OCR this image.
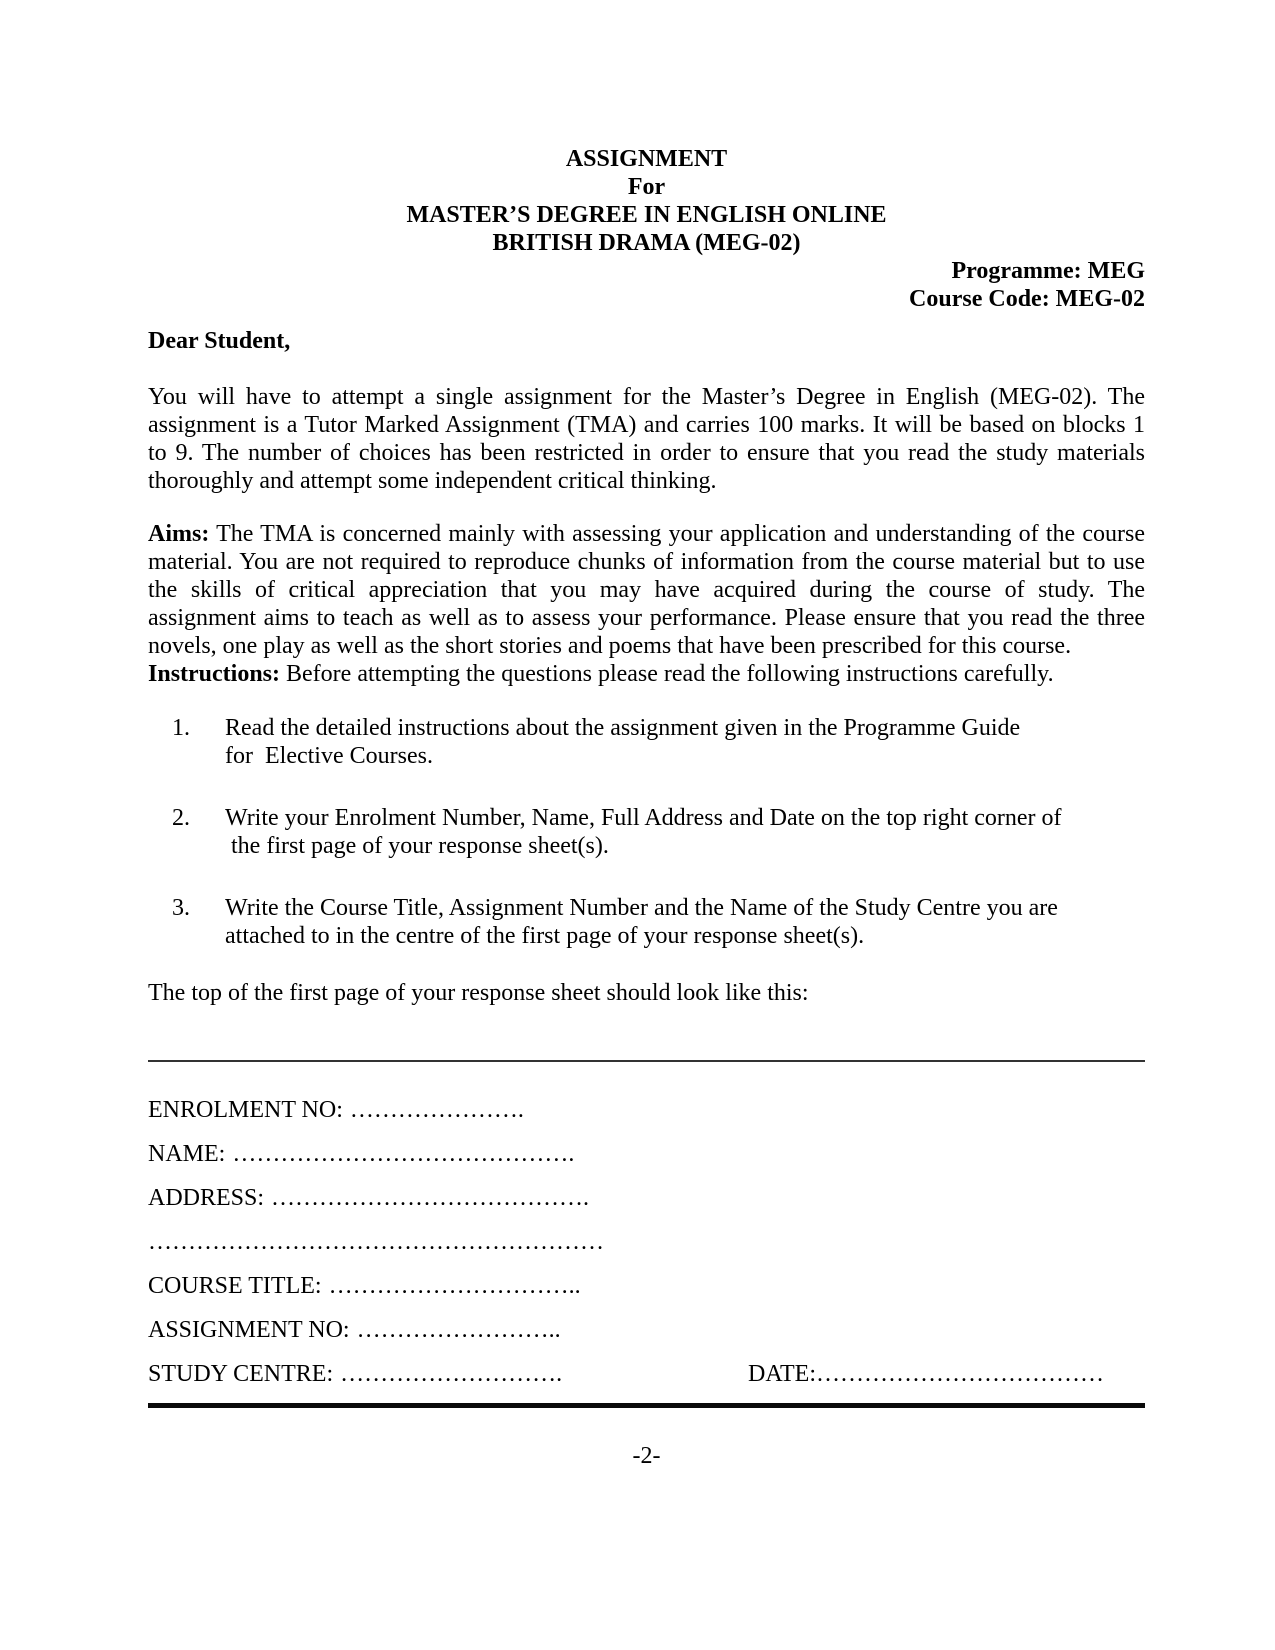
ASSIGNMENT
For
MASTER’S DEGREE IN ENGLISH ONLINE
BRITISH DRAMA (MEG-02)
Programme: MEG
Course Code: MEG-02
Dear Student,

You will have to attempt a single assignment for the Master’s Degree in English (MEG-02). The assignment is a Tutor Marked Assignment (TMA) and carries 100 marks. It will be based on blocks 1 to 9. The number of choices has been restricted in order to ensure that you read the study materials thoroughly and attempt some independent critical thinking.

Aims: The TMA is concerned mainly with assessing your application and understanding of the course material. You are not required to reproduce chunks of information from the course material but to use the skills of critical appreciation that you may have acquired during the course of study. The assignment aims to teach as well as to assess your performance. Please ensure that you read the three novels, one play as well as the short stories and poems that have been prescribed for this course.

Instructions: Before attempting the questions please read the following instructions carefully.

1.	Read the detailed instructions about the assignment given in the Programme Guide
for  Elective Courses.
2.	Write your Enrolment Number, Name, Full Address and Date on the top right corner of
the first page of your response sheet(s).
3.	Write the Course Title, Assignment Number and the Name of the Study Centre you are
attached to in the centre of the first page of your response sheet(s).

The top of the first page of your response sheet should look like this:

ENROLMENT NO: ………………….
NAME: …………………………………….
ADDRESS: ………………………………….
…………………………………………………
COURSE TITLE: …………………………..
ASSIGNMENT NO: ……………………..
STUDY CENTRE: ……………………….	DATE:………………………………
-2-
